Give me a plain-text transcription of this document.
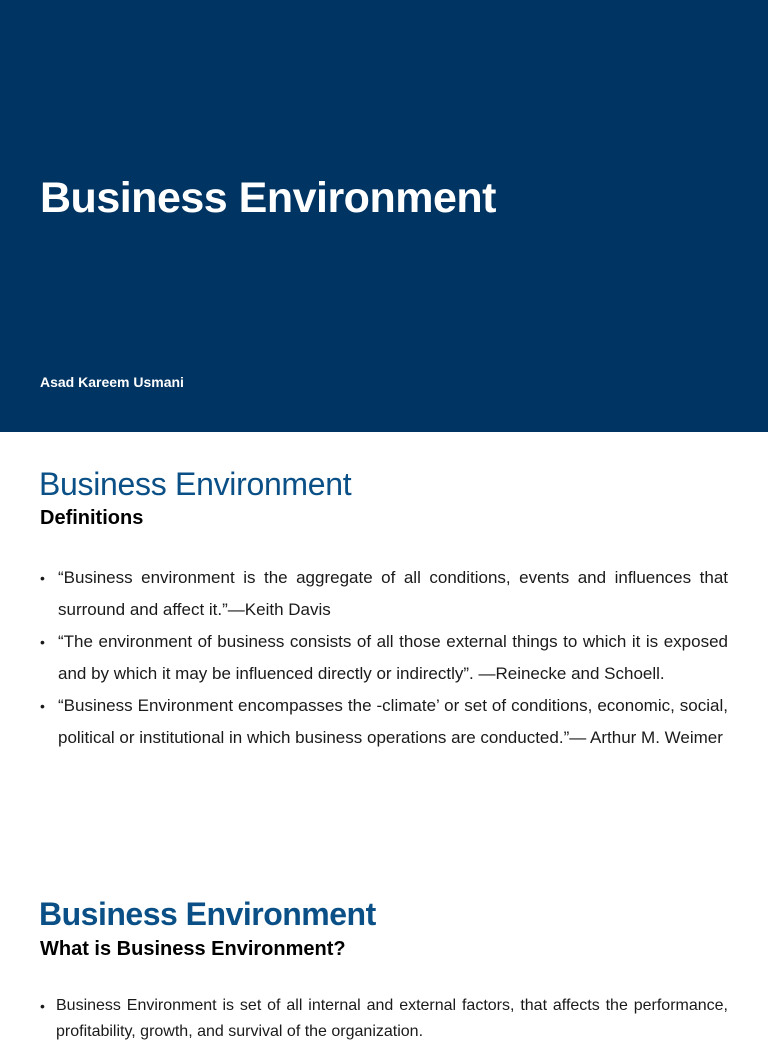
Business Environment
Asad Kareem Usmani
Business Environment
Definitions
• “Business environment is the aggregate of all conditions, events and influences that surround and affect it.”—Keith Davis
• “The environment of business consists of all those external things to which it is exposed and by which it may be influenced directly or indirectly”. —Reinecke and Schoell.
• “Business Environment encompasses the -climate’ or set of conditions, economic, social, political or institutional in which business operations are conducted.”— Arthur M. Weimer
Business Environment
What is Business Environment?
• Business Environment is set of all internal and external factors, that affects the performance, profitability, growth, and survival of the organization.
